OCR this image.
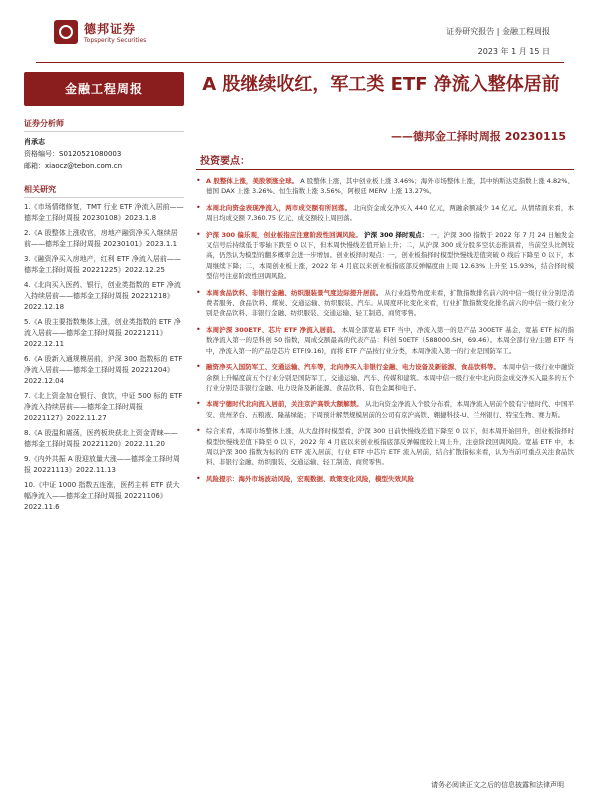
德邦证券
Topsperity Securities
证券研究报告 | 金融工程周报
2023 年 1 月 15 日
A 股继续收红，军工类 ETF 净流入整体居前
——德邦金工择时周报 20230115
金融工程周报
证券分析师
肖承志
资格编号：S0120521080003
邮箱：xiaocz@tebon.com.cn
相关研究
1.《市场情绪修复，TMT 行业 ETF 净流入居前——德邦金工择时周报 20230108》2023.1.8
2.《A 股整体上涨收官，房地产融资净买入继续居前——德邦金工择时周报 20230101》2023.1.1
3.《融资净买入房地产，红利 ETF 净流入居前——德邦金工择时周报 20221225》2022.12.25
4.《北向买入医药、银行，创业类指数的 ETF 净流入持续居前——德邦金工择时周报 20221218》2022.12.18
5.《A 股主要指数集体上涨，创业类指数的 ETF 净流入居前——德邦金工择时周报 20221211》2022.12.11
6.《A 股新入通规模居前，沪深 300 指数标的 ETF 净流入居前——德邦金工择时周报 20221204》2022.12.04
7.《北上资金加仓银行、食饮，中证 500 标的 ETF 净流入持续居前——德邦金工择时周报 20221127》2022.11.27
8.《A 股温和震荡，医药板块获北上资金青睐——德邦金工择时周报 20221120》2022.11.20
9.《内外共振 A 股迎放量大涨——德邦金工择时周报 20221113》2022.11.13
10.《中证 1000 指数五连涨，医药主料 ETF 获大幅净流入——德邦金工择时周报 20221106》2022.11.6
投资要点：
• A 股整体上涨，美股领涨全球。 A 股整体上涨，其中创业板上涨 3.46%；海外市场整体上涨，其中纳斯达克指数上涨 4.82%、德国 DAX 上涨 3.26%、恒生指数上涨 3.56%，阿根廷 MERV 上涨 13.27%。
• 本周北向资金表现净流入，两市成交额有所回落。 北向资金成交净买入 440 亿元，两融余额减少 14 亿元。从情绪面来看，本周日均成交额 7,360.75 亿元，成交额较上周回落。
• 沪深 300 偏乐观，创业板指应注意阶段性回调风险。 沪深 300 择时观点： 一，沪深 300 指数于 2022 年 7 月 24 日触发金叉信号后持续低于零轴下跌至 0 以下，但本周快慢线差值开始上升；二，从沪深 300 成分股多空状态推演看，当前空头比例较高，仍然认为模型的翻多概率会进一步增加。创业板择时观点：一，创业板指择时模型快慢线差值突破 0 线后下降至 0 以下，本周继续下降；二，本周创业板上涨，2022 年 4 月底以来创业板指底部反弹幅度由上周 12.63% 上升至 15.93%，结合择时模型信号注意阶段性回调风险。
• 本周食品饮料、非银行金融、纺织服装景气度边际提升居前。 从行业趋势角度来看，扩散指数排名前六的中信一级行业分别是消费者服务、食品饮料、煤炭、交通运输、纺织服装、汽车。从周度环比变化来看，行业扩散指数变化排名前六的中信一级行业分别是食品饮料、非银行金融、纺织服装、交通运输、轻工制造、商贸零售。
• 本周沪深 300ETF、芯片 ETF 净流入居前。 本周全部宽基 ETF 当中，净流入第一的是产品 300ETF 基金，宽基 ETF 标的指数净流入第一的是科创 50 指数，周成交额最高的代表产品：科创 50ETF（588000.SH，69.46）。本周全部行业/主题 ETF 当中，净流入第一的产品是芯片 ETF(9.16)，而将 ETF 产品按行业分类，本周净流入第一的行业是国防军工。
• 融资净买入国防军工、交通运输、汽车等，北向净买入非银行金融、电力设备及新能源、食品饮料等。 本周中信一级行业中融资余额上升幅度前五个行业分别是国防军工、交通运输、汽车、传媒和建筑。本周中信一级行业中北向资金成交净买入最多的五个行业分别是非银行金融、电力设备及新能源、食品饮料、有色金属和电子。
• 本周宁德时代北向流入居前，关注京沪高铁大额解禁。 从北向资金净流入个股分布看，本周净流入居前个股有宁德时代、中国平安、贵州茅台、五粮液、隆基绿能；下周预计解禁规模居前的公司有京沪高铁、翱捷科技-U、兰州银行、特宝生物、赛力斯。
• 综合来看，本周市场整体上涨，从大盘择时模型看，沪深 300 日前快慢线差值下降至 0 以下，但本周开始回升，创业板指择时模型快慢线差值下降至 0 以下，2022 年 4 月底以来创业板指底部反弹幅度较上周上升，注意阶段回调风险。宽基 ETF 中，本周以沪深 300 指数为标的的 ETF 流入居前，行业 ETF 中芯片 ETF 流入居前，结合扩散指标来看，认为当前可重点关注食品饮料、非银行金融、纺织服装、交通运输、轻工制造、商贸零售。
• 风险提示：海外市场波动风险，宏观数据、政策变化风险，模型失效风险
请务必阅读正文之后的信息披露和法律声明
